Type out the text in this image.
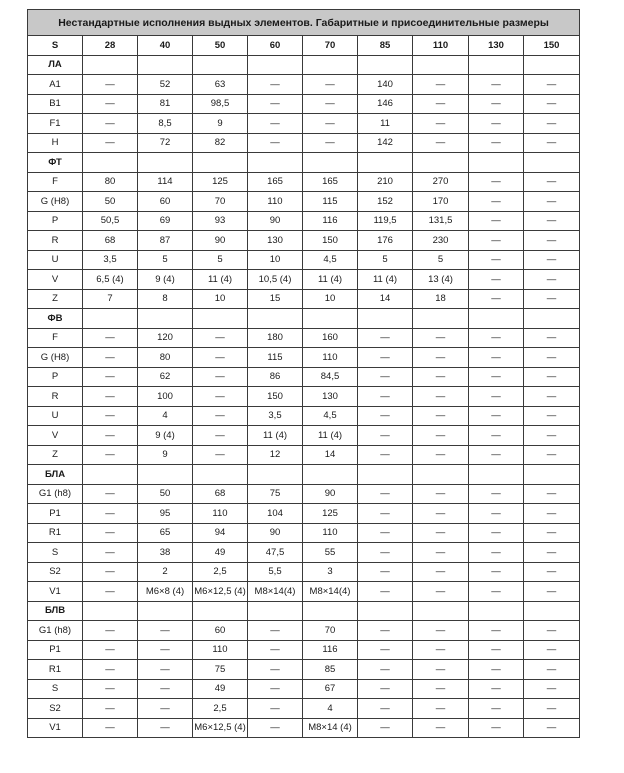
Нестандартные исполнения выдных элементов. Габаритные и присоединительные размеры									
S	28	40	50	60	70	85	110	130	150
ЛА									
A1	—	52	63	—	—	140	—	—	—
B1	—	81	98,5	—	—	146	—	—	—
F1	—	8,5	9	—	—	11	—	—	—
H	—	72	82	—	—	142	—	—	—
ФТ									
F	80	114	125	165	165	210	270	—	—
G (H8)	50	60	70	110	115	152	170	—	—
P	50,5	69	93	90	116	119,5	131,5	—	—
R	68	87	90	130	150	176	230	—	—
U	3,5	5	5	10	4,5	5	5	—	—
V	6,5 (4)	9 (4)	11 (4)	10,5 (4)	11 (4)	11 (4)	13 (4)	—	—
Z	7	8	10	15	10	14	18	—	—
ФВ									
F	—	120	—	180	160	—	—	—	—
G (H8)	—	80	—	115	110	—	—	—	—
P	—	62	—	86	84,5	—	—	—	—
R	—	100	—	150	130	—	—	—	—
U	—	4	—	3,5	4,5	—	—	—	—
V	—	9 (4)	—	11 (4)	11 (4)	—	—	—	—
Z	—	9	—	12	14	—	—	—	—
БЛА									
G1 (h8)	—	50	68	75	90	—	—	—	—
P1	—	95	110	104	125	—	—	—	—
R1	—	65	94	90	110	—	—	—	—
S	—	38	49	47,5	55	—	—	—	—
S2	—	2	2,5	5,5	3	—	—	—	—
V1	—	M6×8 (4)	M6×12,5 (4)	M8×14(4)	M8×14(4)	—	—	—	—
БЛВ									
G1 (h8)	—	—	60	—	70	—	—	—	—
P1	—	—	110	—	116	—	—	—	—
R1	—	—	75	—	85	—	—	—	—
S	—	—	49	—	67	—	—	—	—
S2	—	—	2,5	—	4	—	—	—	—
V1	—	—	M6×12,5 (4)	—	M8×14 (4)	—	—	—	—
